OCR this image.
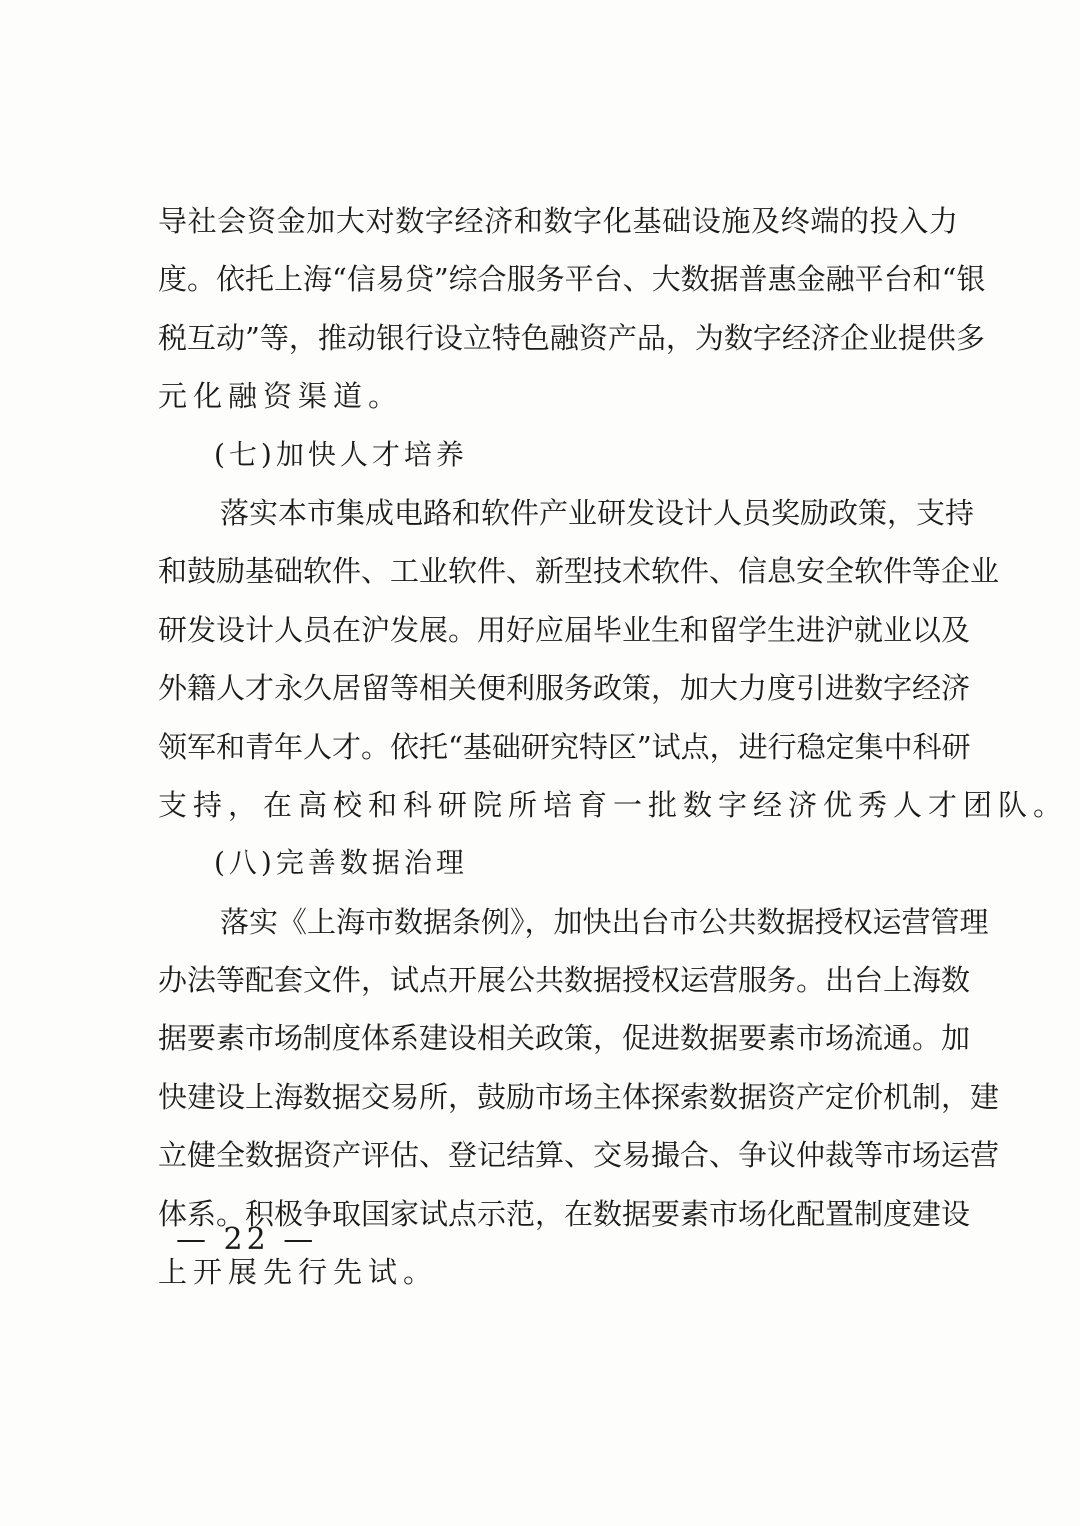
导社会资金加大对数字经济和数字化基础设施及终端的投入力
度。依托上海“信易贷”综合服务平台、大数据普惠金融平台和“银
税互动”等，推动银行设立特色融资产品，为数字经济企业提供多
元化融资渠道。
(七)加快人才培养
落实本市集成电路和软件产业研发设计人员奖励政策，支持
和鼓励基础软件、工业软件、新型技术软件、信息安全软件等企业
研发设计人员在沪发展。用好应届毕业生和留学生进沪就业以及
外籍人才永久居留等相关便利服务政策，加大力度引进数字经济
领军和青年人才。依托“基础研究特区”试点，进行稳定集中科研
支持，在高校和科研院所培育一批数字经济优秀人才团队。
(八)完善数据治理
落实《上海市数据条例》，加快出台市公共数据授权运营管理
办法等配套文件，试点开展公共数据授权运营服务。出台上海数
据要素市场制度体系建设相关政策，促进数据要素市场流通。加
快建设上海数据交易所，鼓励市场主体探索数据资产定价机制，建
立健全数据资产评估、登记结算、交易撮合、争议仲裁等市场运营
体系。积极争取国家试点示范，在数据要素市场化配置制度建设
上开展先行先试。
— 22 —
